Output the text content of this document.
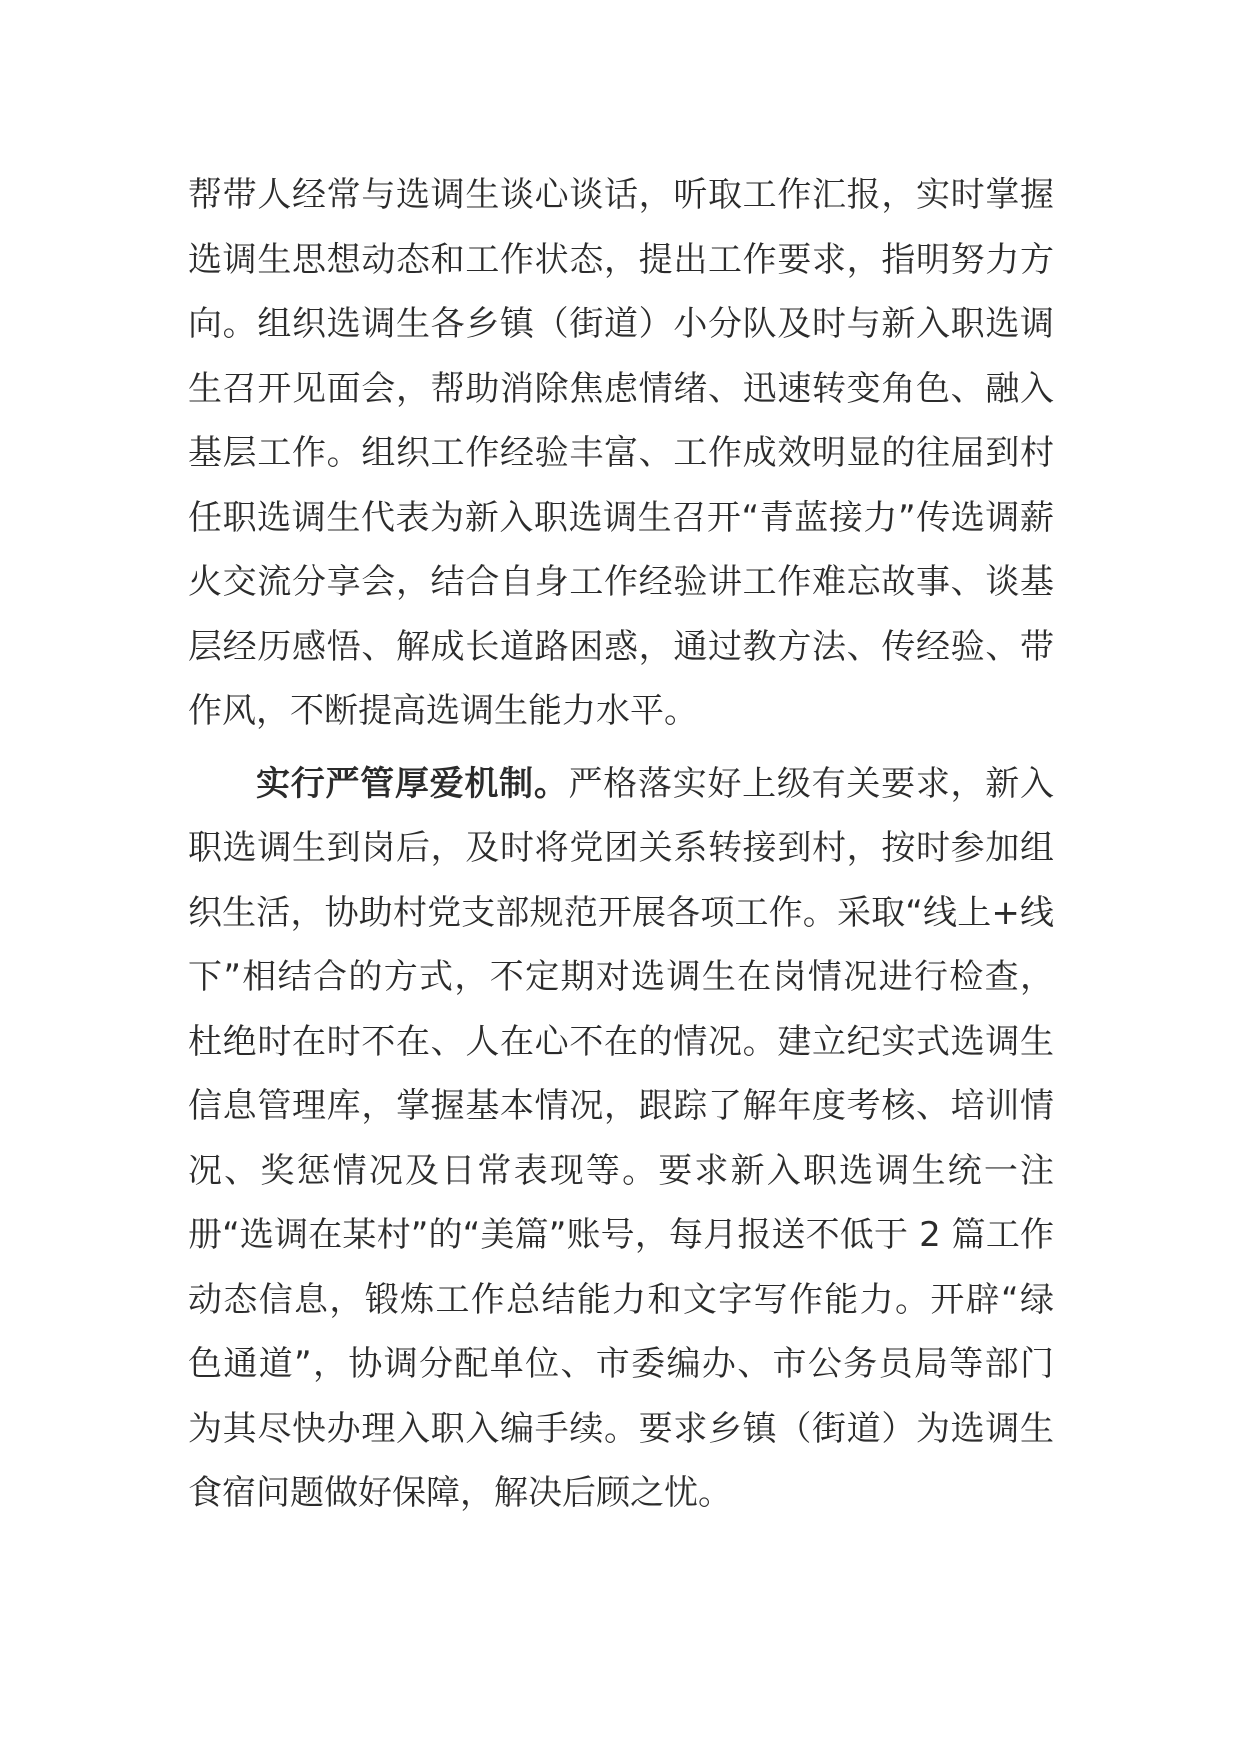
帮带人经常与选调生谈心谈话，听取工作汇报，实时掌握选调生思想动态和工作状态，提出工作要求，指明努力方向。组织选调生各乡镇（街道）小分队及时与新入职选调生召开见面会，帮助消除焦虑情绪、迅速转变角色、融入基层工作。组织工作经验丰富、工作成效明显的往届到村任职选调生代表为新入职选调生召开“青蓝接力”传选调薪火交流分享会，结合自身工作经验讲工作难忘故事、谈基层经历感悟、解成长道路困惑，通过教方法、传经验、带作风，不断提高选调生能力水平。

实行严管厚爱机制。严格落实好上级有关要求，新入职选调生到岗后，及时将党团关系转接到村，按时参加组织生活，协助村党支部规范开展各项工作。采取“线上+线下”相结合的方式，不定期对选调生在岗情况进行检查，杜绝时在时不在、人在心不在的情况。建立纪实式选调生信息管理库，掌握基本情况，跟踪了解年度考核、培训情况、奖惩情况及日常表现等。要求新入职选调生统一注册“选调在某村”的“美篇”账号，每月报送不低于 2 篇工作动态信息，锻炼工作总结能力和文字写作能力。开辟“绿色通道”，协调分配单位、市委编办、市公务员局等部门为其尽快办理入职入编手续。要求乡镇（街道）为选调生食宿问题做好保障，解决后顾之忧。
